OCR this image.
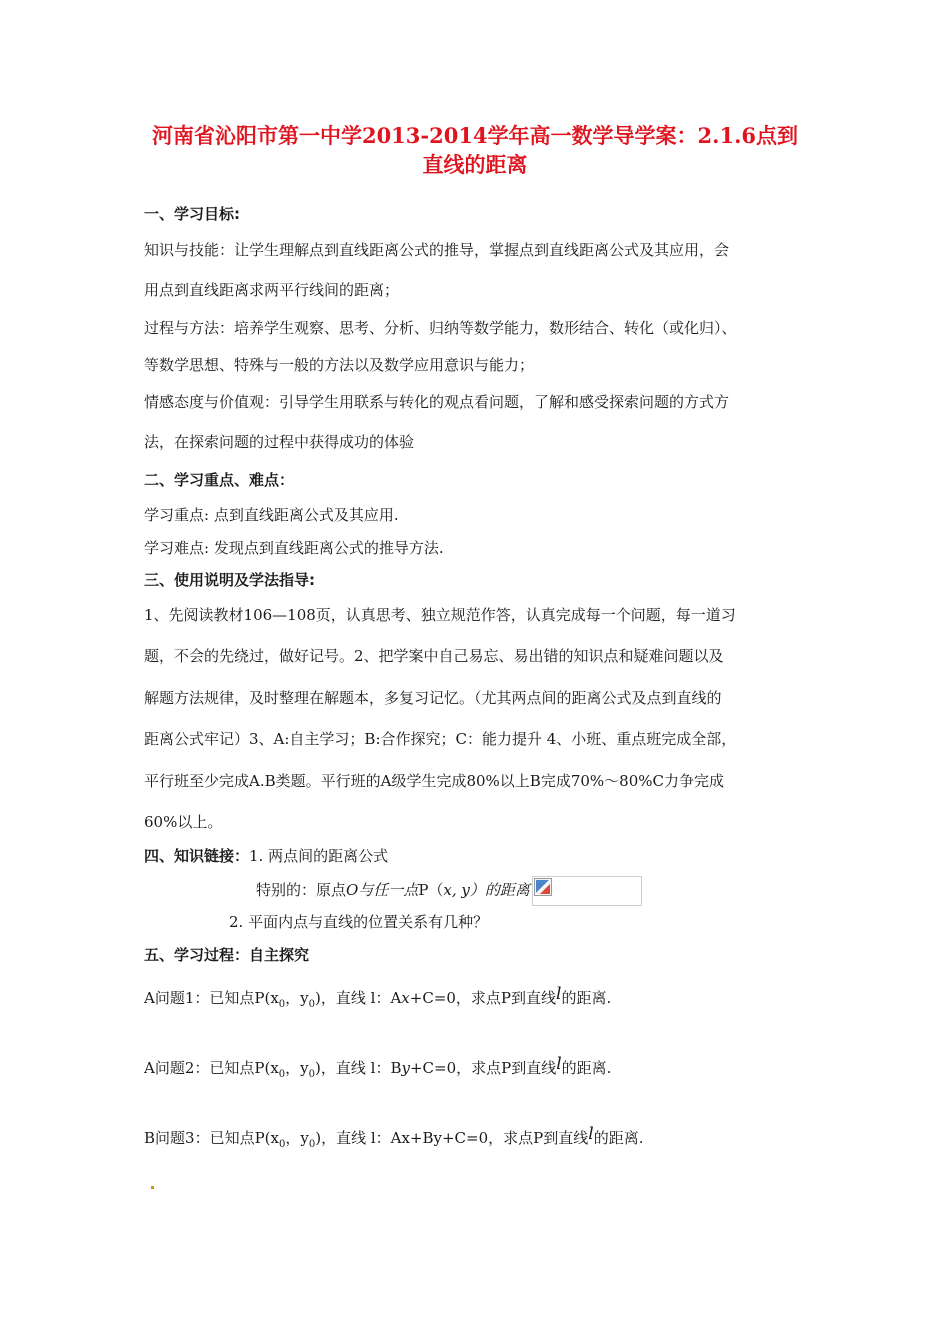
河南省沁阳市第一中学2013-2014学年高一数学导学案：2.1.6点到
直线的距离
一、学习目标:
知识与技能：让学生理解点到直线距离公式的推导，掌握点到直线距离公式及其应用，会
用点到直线距离求两平行线间的距离；
过程与方法：培养学生观察、思考、分析、归纳等数学能力，数形结合、转化（或化归）、
等数学思想、特殊与一般的方法以及数学应用意识与能力；
情感态度与价值观：引导学生用联系与转化的观点看问题，了解和感受探索问题的方式方
法，在探索问题的过程中获得成功的体验
二、学习重点、难点：
学习重点: 点到直线距离公式及其应用.
学习难点: 发现点到直线距离公式的推导方法.
三、使用说明及学法指导:
1、先阅读教材106—108页，认真思考、独立规范作答，认真完成每一个问题，每一道习
题，不会的先绕过，做好记号。2、把学案中自己易忘、易出错的知识点和疑难问题以及
解题方法规律，及时整理在解题本，多复习记忆。（尤其两点间的距离公式及点到直线的
距离公式牢记）3、A:自主学习；B:合作探究；C：能力提升 4、小班、重点班完成全部，
平行班至少完成A.B类题。平行班的A级学生完成80%以上B完成70%～80%C力争完成
60%以上。
四、知识链接：1. 两点间的距离公式
特别的：原点O与任一点P（x, y）的距离
2. 平面内点与直线的位置关系有几种？
五、学习过程：自主探究
A问题1：已知点$P(x_0$，$y_0$)，直线 l：Ax+C=0，求点P到直线l的距离.
A问题2：已知点$P(x_0$，$y_0$)，直线 l：By+C=0，求点P到直线l的距离.
B问题3：已知点$P(x_0$，$y_0$)，直线 l：Ax+By+C=0，求点P到直线l的距离.
